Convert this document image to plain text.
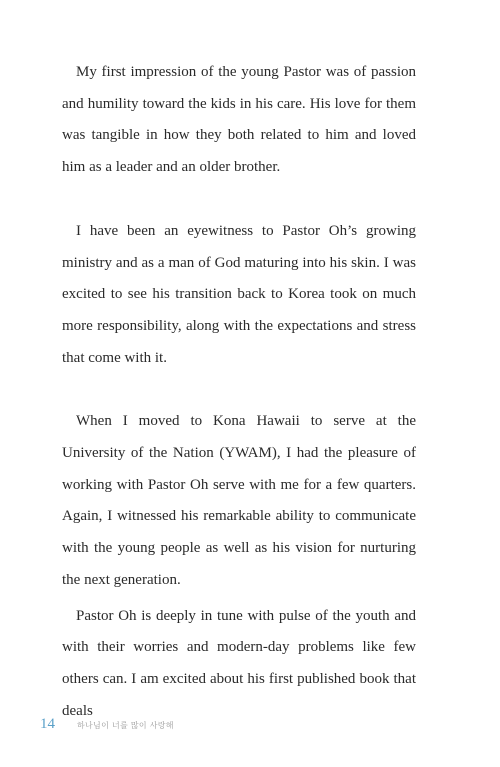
My first impression of the young Pastor was of passion and humility toward the kids in his care. His love for them was tangible in how they both related to him and loved him as a leader and an older brother.

I have been an eyewitness to Pastor Oh’s growing ministry and as a man of God maturing into his skin. I was excited to see his transition back to Korea took on much more responsibility, along with the expectations and stress that come with it.

When I moved to Kona Hawaii to serve at the University of the Nation (YWAM), I had the pleasure of working with Pastor Oh serve with me for a few quarters. Again, I witnessed his remarkable ability to communicate with the young people as well as his vision for nurturing the next generation.

Pastor Oh is deeply in tune with pulse of the youth and with their worries and modern-day problems like few others can. I am excited about his first published book that deals

14	하나님이 너를 많이 사랑해
